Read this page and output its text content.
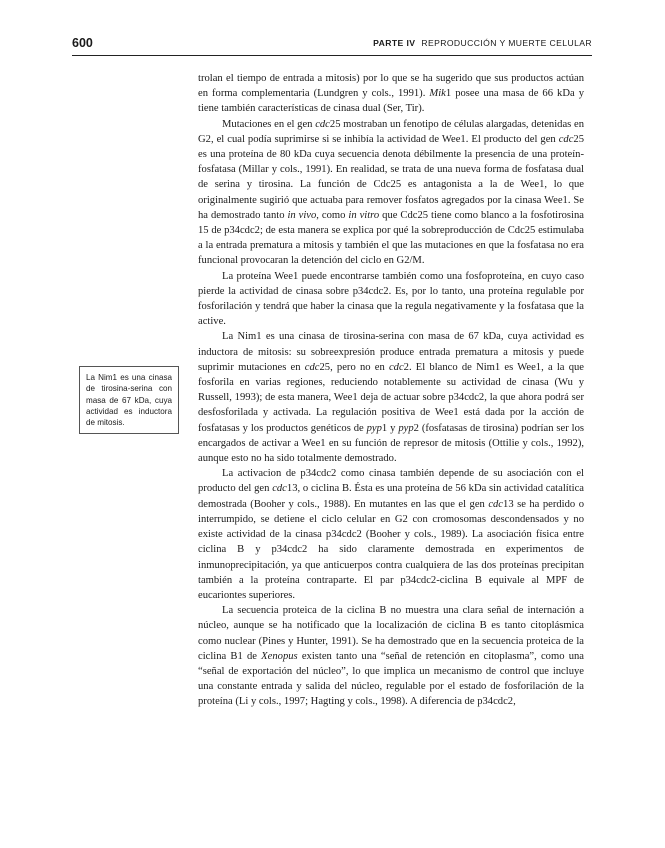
600	PARTE IV REPRODUCCIÓN Y MUERTE CELULAR

trolan el tiempo de entrada a mitosis) por lo que se ha sugerido que sus productos actúan en forma complementaria (Lundgren y cols., 1991). Mik1 posee una masa de 66 kDa y tiene también características de cinasa dual (Ser, Tir).

Mutaciones en el gen cdc25 mostraban un fenotipo de células alargadas, detenidas en G2, el cual podía suprimirse si se inhibía la actividad de Wee1. El producto del gen cdc25 es una proteína de 80 kDa cuya secuencia denota débilmente la presencia de una proteín-fosfatasa (Millar y cols., 1991). En realidad, se trata de una nueva forma de fosfatasa dual de serina y tirosina. La función de Cdc25 es antagonista a la de Wee1, lo que originalmente sugirió que actuaba para remover fosfatos agregados por la cinasa Wee1. Se ha demostrado tanto in vivo, como in vitro que Cdc25 tiene como blanco a la fosfotirosina 15 de p34cdc2; de esta manera se explica por qué la sobreproducción de Cdc25 estimulaba a la entrada prematura a mitosis y también el que las mutaciones en que la fosfatasa no era funcional provocaran la detención del ciclo en G2/M.

La proteína Wee1 puede encontrarse también como una fosfoproteína, en cuyo caso pierde la actividad de cinasa sobre p34cdc2. Es, por lo tanto, una proteína regulable por fosforilación y tendrá que haber la cinasa que la regula negativamente y la fosfatasa que la active.

La Nim1 es una cinasa de tirosina-serina con masa de 67 kDa, cuya actividad es inductora de mitosis: su sobreexpresión produce entrada prematura a mitosis y puede suprimir mutaciones en cdc25, pero no en cdc2. El blanco de Nim1 es Wee1, a la que fosforila en varias regiones, reduciendo notablemente su actividad de cinasa (Wu y Russell, 1993); de esta manera, Wee1 deja de actuar sobre p34cdc2, la que ahora podrá ser desfosforilada y activada. La regulación positiva de Wee1 está dada por la acción de fosfatasas y los productos genéticos de pyp1 y pyp2 (fosfatasas de tirosina) podrían ser los encargados de activar a Wee1 en su función de represor de mitosis (Ottilie y cols., 1992), aunque esto no ha sido totalmente demostrado.

La activacion de p34cdc2 como cinasa también depende de su asociación con el producto del gen cdc13, o ciclina B. Ésta es una proteína de 56 kDa sin actividad catalítica demostrada (Booher y cols., 1988). En mutantes en las que el gen cdc13 se ha perdido o interrumpido, se detiene el ciclo celular en G2 con cromosomas descondensados y no existe actividad de la cinasa p34cdc2 (Booher y cols., 1989). La asociación física entre ciclina B y p34cdc2 ha sido claramente demostrada en experimentos de inmunoprecipitación, ya que anticuerpos contra cualquiera de las dos proteínas precipitan también a la proteína contraparte. El par p34cdc2-ciclina B equivale al MPF de eucariontes superiores.

La secuencia proteica de la ciclina B no muestra una clara señal de internación a núcleo, aunque se ha notificado que la localización de ciclina B es tanto citoplásmica como nuclear (Pines y Hunter, 1991). Se ha demostrado que en la secuencia proteica de la ciclina B1 de Xenopus existen tanto una “señal de retención en citoplasma”, como una “señal de exportación del núcleo”, lo que implica un mecanismo de control que incluye una constante entrada y salida del núcleo, regulable por el estado de fosforilación de la proteína (Li y cols., 1997; Hagting y cols., 1998). A diferencia de p34cdc2,

La Nim1 es una cinasa de tirosina-serina con masa de 67 kDa, cuya actividad es inductora de mitosis.
